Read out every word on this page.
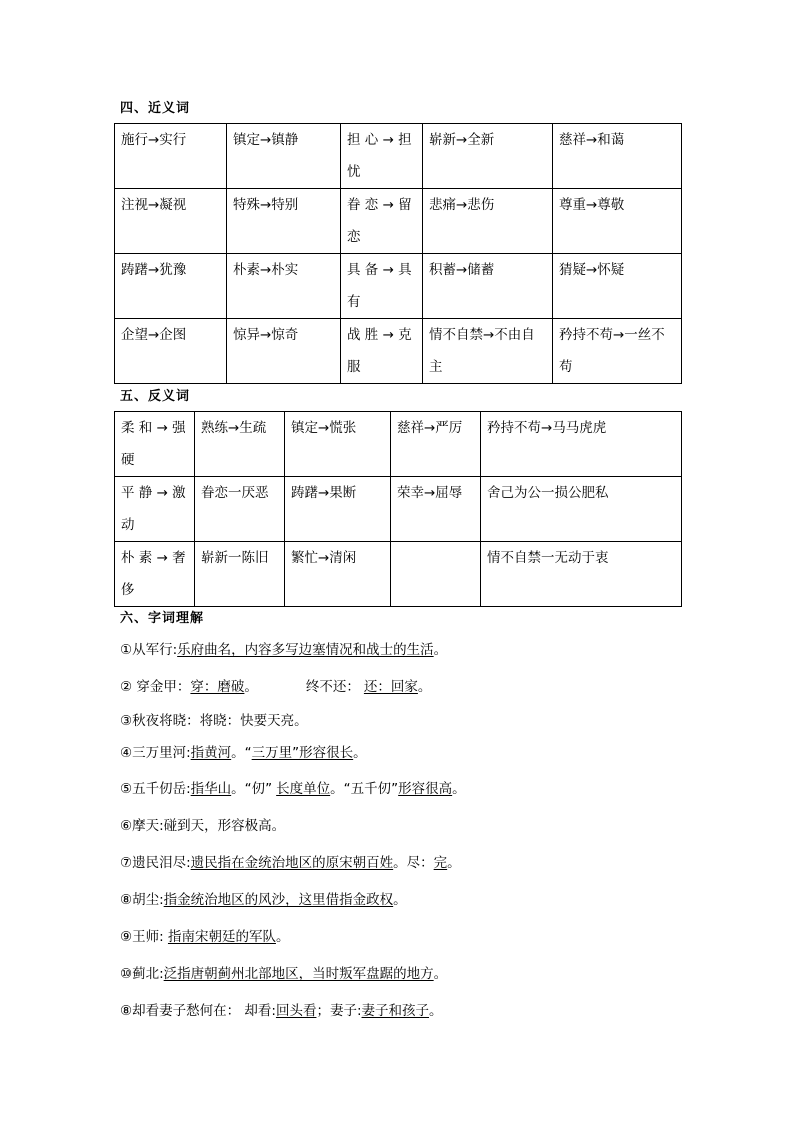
四、近义词
施行→实行	镇定→镇静	担 心 → 担忧	崭新→全新	慈祥→和蔼
注视→凝视	特殊→特别	眷 恋 → 留恋	悲痛→悲伤	尊重→尊敬
踌躇→犹豫	朴素→朴实	具 备 → 具有	积蓄→储蓄	猜疑→怀疑
企望→企图	惊异→惊奇	战 胜 → 克服	情不自禁→不由自主	矜持不苟→一丝不苟
五、反义词
柔 和 → 强硬	熟练→生疏	镇定→慌张	慈祥→严厉	矜持不苟→马马虎虎
平 静 → 激动	眷恋一厌恶	踌躇→果断	荣幸→屈辱	舍己为公一损公肥私
朴 素 → 奢侈	崭新一陈旧	繁忙→清闲		情不自禁一无动于衷
六、字词理解
①从军行:乐府曲名，内容多写边塞情况和战士的生活。
② 穿金甲：穿：磨破。	终不还： 还：回家。
③秋夜将晓：将晓：快要天亮。
④三万里河:指黄河。“三万里”形容很长。
⑤五千仞岳:指华山。“仞” 长度单位。“五千仞”形容很高。
⑥摩天:碰到天，形容极高。
⑦遗民泪尽:遗民指在金统治地区的原宋朝百姓。尽：完。
⑧胡尘:指金统治地区的风沙，这里借指金政权。
⑨王师: 指南宋朝廷的军队。
⑩蓟北:泛指唐朝蓟州北部地区，当时叛军盘踞的地方。
⑧却看妻子愁何在： 却看:回头看；妻子:妻子和孩子。
